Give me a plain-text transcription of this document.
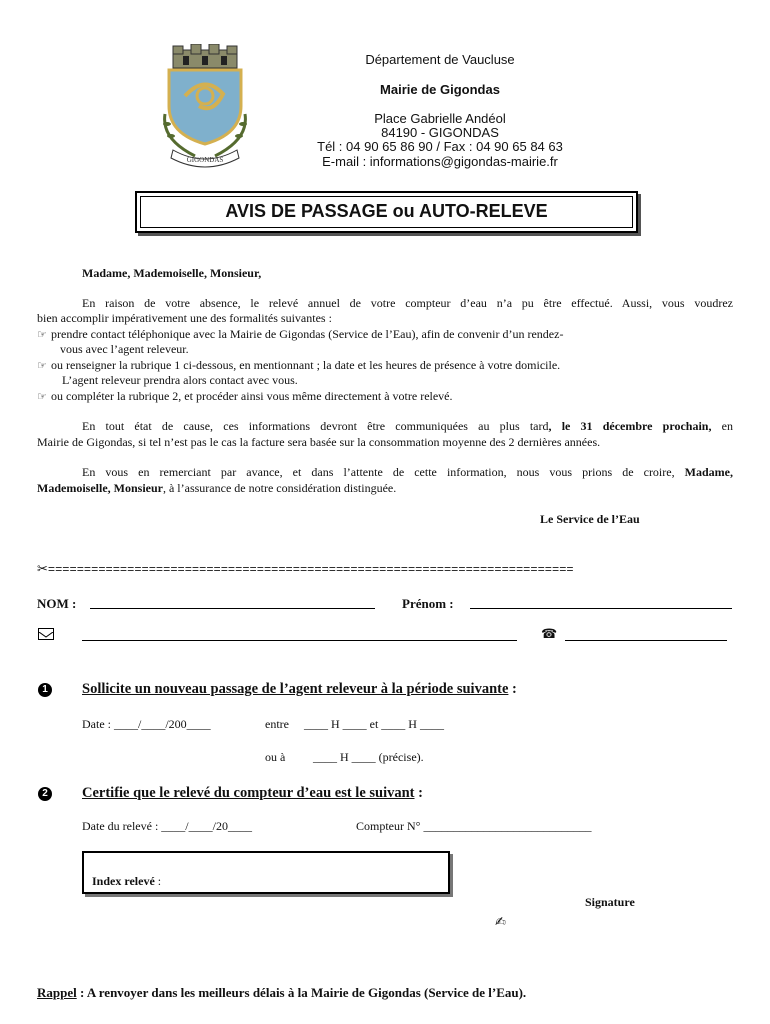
GIGONDAS
Département de Vaucluse
Mairie de Gigondas
Place Gabrielle Andéol
84190 - GIGONDAS
Tél : 04 90 65 86 90 / Fax : 04 90 65 84 63
E-mail : informations@gigondas-mairie.fr
AVIS DE PASSAGE ou AUTO-RELEVE
Madame, Mademoiselle, Monsieur,
En raison de votre absence, le relevé annuel de votre compteur d’eau n’a pu être effectué. Aussi, vous voudrez
bien accomplir impérativement une des formalités suivantes :
☞ prendre contact téléphonique avec la Mairie de Gigondas (Service de l’Eau), afin de convenir d’un rendez-
vous avec l’agent releveur.
☞ ou renseigner la rubrique 1 ci-dessous, en mentionnant ; la date et les heures de présence à votre domicile.
L’agent releveur prendra alors contact avec vous.
☞ ou compléter la rubrique 2, et procéder ainsi vous même directement à votre relevé.
En tout état de cause, ces informations devront être communiquées au plus tard, le 31 décembre prochain, en
Mairie de Gigondas, si tel n’est pas le cas la facture sera basée sur la consommation moyenne des 2 dernières années.
En vous en remerciant par avance, et dans l’attente de cette information, nous vous prions de croire, Madame,
Mademoiselle, Monsieur, à l’assurance de notre considération distinguée.
Le Service de l’Eau
✂=========================================================================
NOM :	Prénom :
☎
1 Sollicite un nouveau passage de l’agent releveur à la période suivante :
Date : ____/____/200____	entre     ____ H ____ et ____ H ____
ou à ____ H ____ (précise).
2 Certifie que le relevé du compteur d’eau est le suivant :
Date du relevé : ____/____/20____	Compteur N° ____________________________
Index relevé :
Signature
✍
Rappel : A renvoyer dans les meilleurs délais à la Mairie de Gigondas (Service de l’Eau).
